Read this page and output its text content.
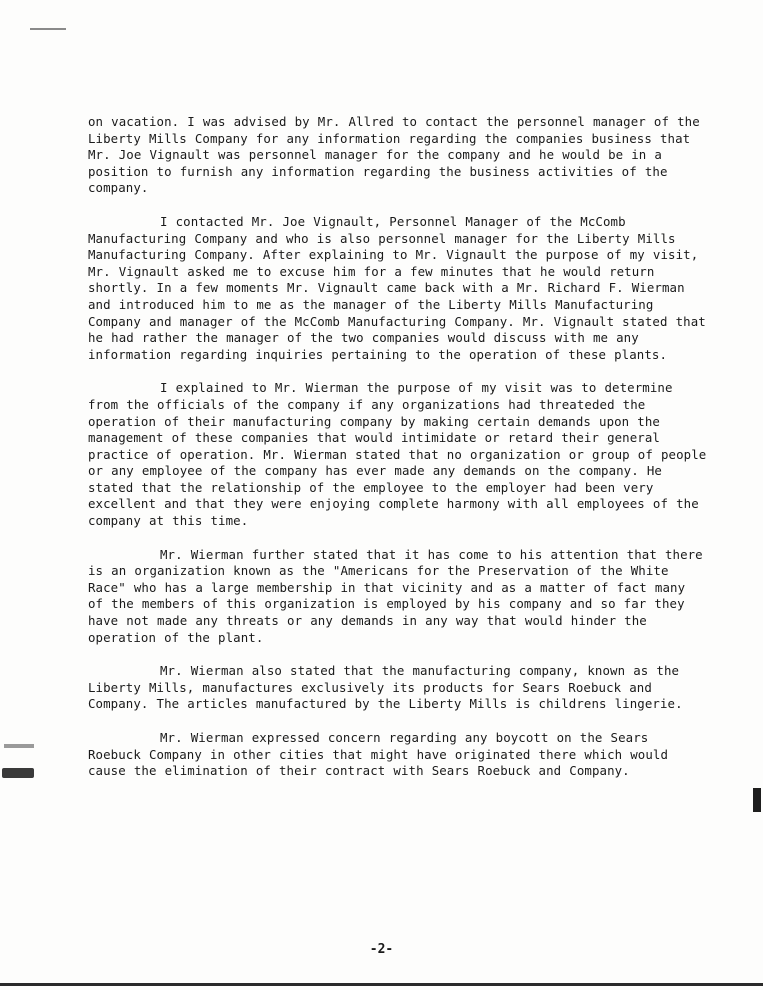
on vacation. I was advised by Mr. Allred to contact the personnel manager of the Liberty Mills Company for any information regarding the companies business that Mr. Joe Vignault was personnel manager for the company and he would be in a position to furnish any information regarding the business activities of the company.

I contacted Mr. Joe Vignault, Personnel Manager of the McComb Manufacturing Company and who is also personnel manager for the Liberty Mills Manufacturing Company. After explaining to Mr. Vignault the purpose of my visit, Mr. Vignault asked me to excuse him for a few minutes that he would return shortly. In a few moments Mr. Vignault came back with a Mr. Richard F. Wierman and introduced him to me as the manager of the Liberty Mills Manufacturing Company and manager of the McComb Manufacturing Company. Mr. Vignault stated that he had rather the manager of the two companies would discuss with me any information regarding inquiries pertaining to the operation of these plants.

I explained to Mr. Wierman the purpose of my visit was to determine from the officials of the company if any organizations had threateded the operation of their manufacturing company by making certain demands upon the management of these companies that would intimidate or retard their general practice of operation. Mr. Wierman stated that no organization or group of people or any employee of the company has ever made any demands on the company. He stated that the relationship of the employee to the employer had been very excellent and that they were enjoying complete harmony with all employees of the company at this time.

Mr. Wierman further stated that it has come to his attention that there is an organization known as the "Americans for the Preservation of the White Race" who has a large membership in that vicinity and as a matter of fact many of the members of this organization is employed by his company and so far they have not made any threats or any demands in any way that would hinder the operation of the plant.

Mr. Wierman also stated that the manufacturing company, known as the Liberty Mills, manufactures exclusively its products for Sears Roebuck and Company. The articles manufactured by the Liberty Mills is childrens lingerie.

Mr. Wierman expressed concern regarding any boycott on the Sears Roebuck Company in other cities that might have originated there which would cause the elimination of their contract with Sears Roebuck and Company.

-2-
